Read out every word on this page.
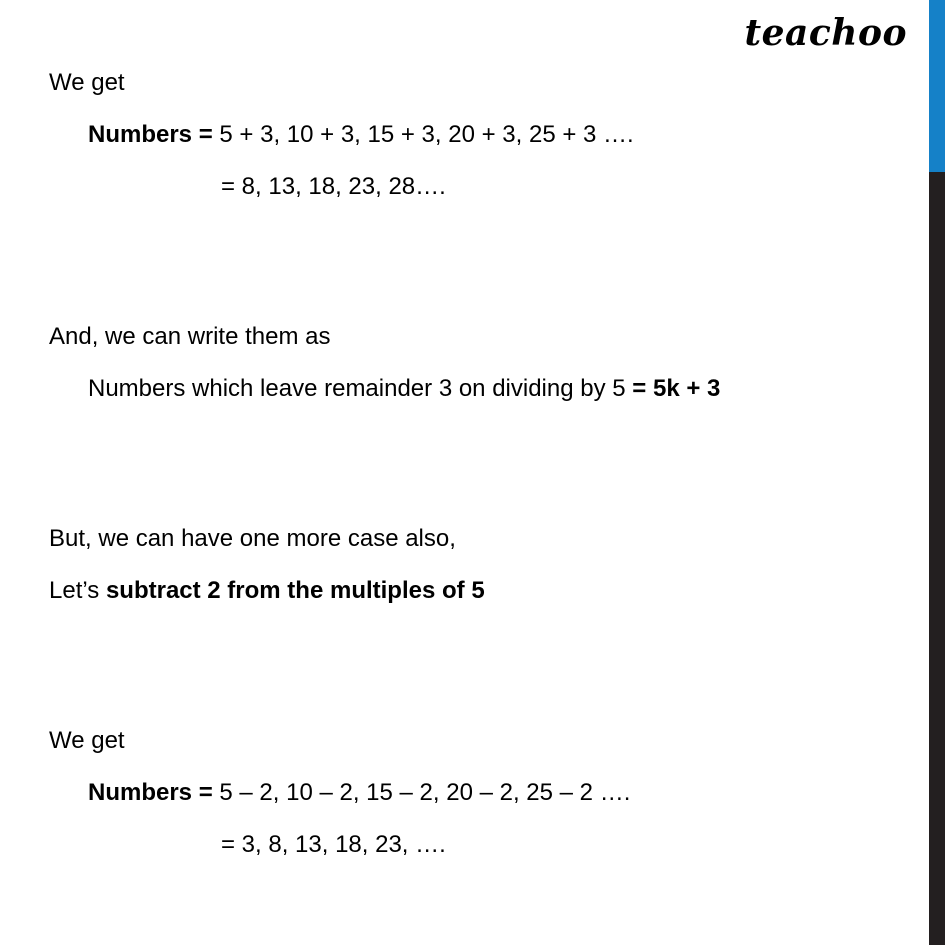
teachoo
We get
Numbers = 5 + 3, 10 + 3, 15 + 3, 20 + 3, 25 + 3 ….
= 8, 13, 18, 23, 28….
And, we can write them as
Numbers which leave remainder 3 on dividing by 5 = 5k + 3
But, we can have one more case also,
Let’s subtract 2 from the multiples of 5
We get
Numbers = 5 – 2, 10 – 2, 15 – 2, 20 – 2, 25 – 2 ….
= 3, 8, 13, 18, 23, ….
